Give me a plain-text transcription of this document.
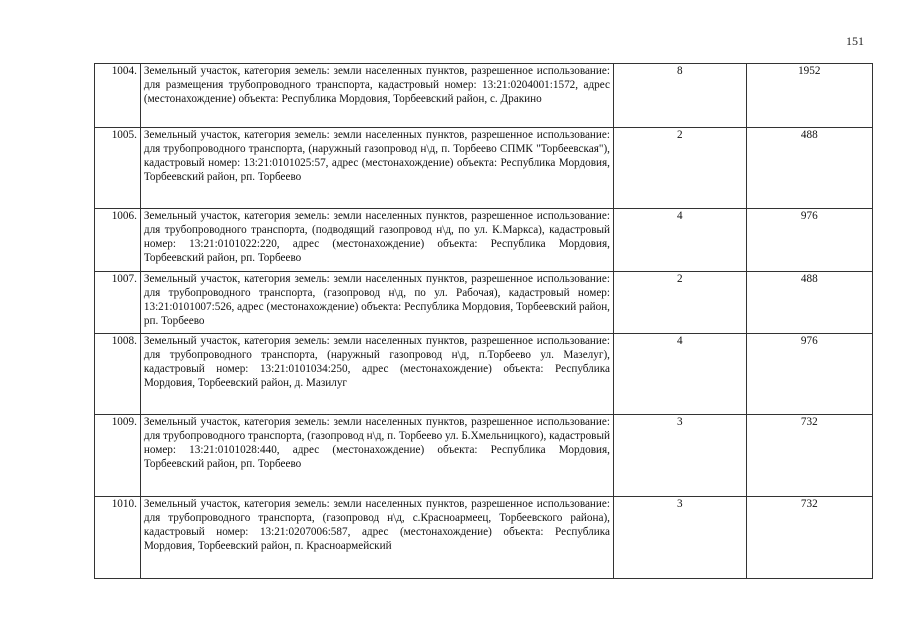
151
1004.	Земельный участок, категория земель: земли населенных пунктов, разрешенное использование: для размещения трубопроводного транспорта, кадастровый номер: 13:21:0204001:1572, адрес (местонахождение) объекта: Республика Мордовия, Торбеевский район, с. Дракино	8	1952
1005.	Земельный участок, категория земель: земли населенных пунктов, разрешенное использование: для трубопроводного транспорта, (наружный газопровод н\д, п. Торбеево СПМК "Торбеевская"), кадастровый номер: 13:21:0101025:57, адрес (местонахождение) объекта: Республика Мордовия, Торбеевский район, рп. Торбеево	2	488
1006.	Земельный участок, категория земель: земли населенных пунктов, разрешенное использование: для трубопроводного транспорта, (подводящий газопровод н\д, по ул. К.Маркса), кадастровый номер: 13:21:0101022:220, адрес (местонахождение) объекта: Республика Мордовия, Торбеевский район, рп. Торбеево	4	976
1007.	Земельный участок, категория земель: земли населенных пунктов, разрешенное использование: для трубопроводного транспорта, (газопровод н\д, по ул. Рабочая), кадастровый номер: 13:21:0101007:526, адрес (местонахождение) объекта: Республика Мордовия, Торбеевский район, рп. Торбеево	2	488
1008.	Земельный участок, категория земель: земли населенных пунктов, разрешенное использование: для трубопроводного транспорта, (наружный газопровод н\д, п.Торбеево ул. Мазелуг), кадастровый номер: 13:21:0101034:250, адрес (местонахождение) объекта: Республика Мордовия, Торбеевский район, д. Мазилуг	4	976
1009.	Земельный участок, категория земель: земли населенных пунктов, разрешенное использование: для трубопроводного транспорта, (газопровод н\д, п. Торбеево ул. Б.Хмельницкого), кадастровый номер: 13:21:0101028:440, адрес (местонахождение) объекта: Республика Мордовия, Торбеевский район, рп. Торбеево	3	732
1010.	Земельный участок, категория земель: земли населенных пунктов, разрешенное использование: для трубопроводного транспорта, (газопровод н\д, с.Красноармеец, Торбеевского района), кадастровый номер: 13:21:0207006:587, адрес (местонахождение) объекта: Республика Мордовия, Торбеевский район, п. Красноармейский	3	732
